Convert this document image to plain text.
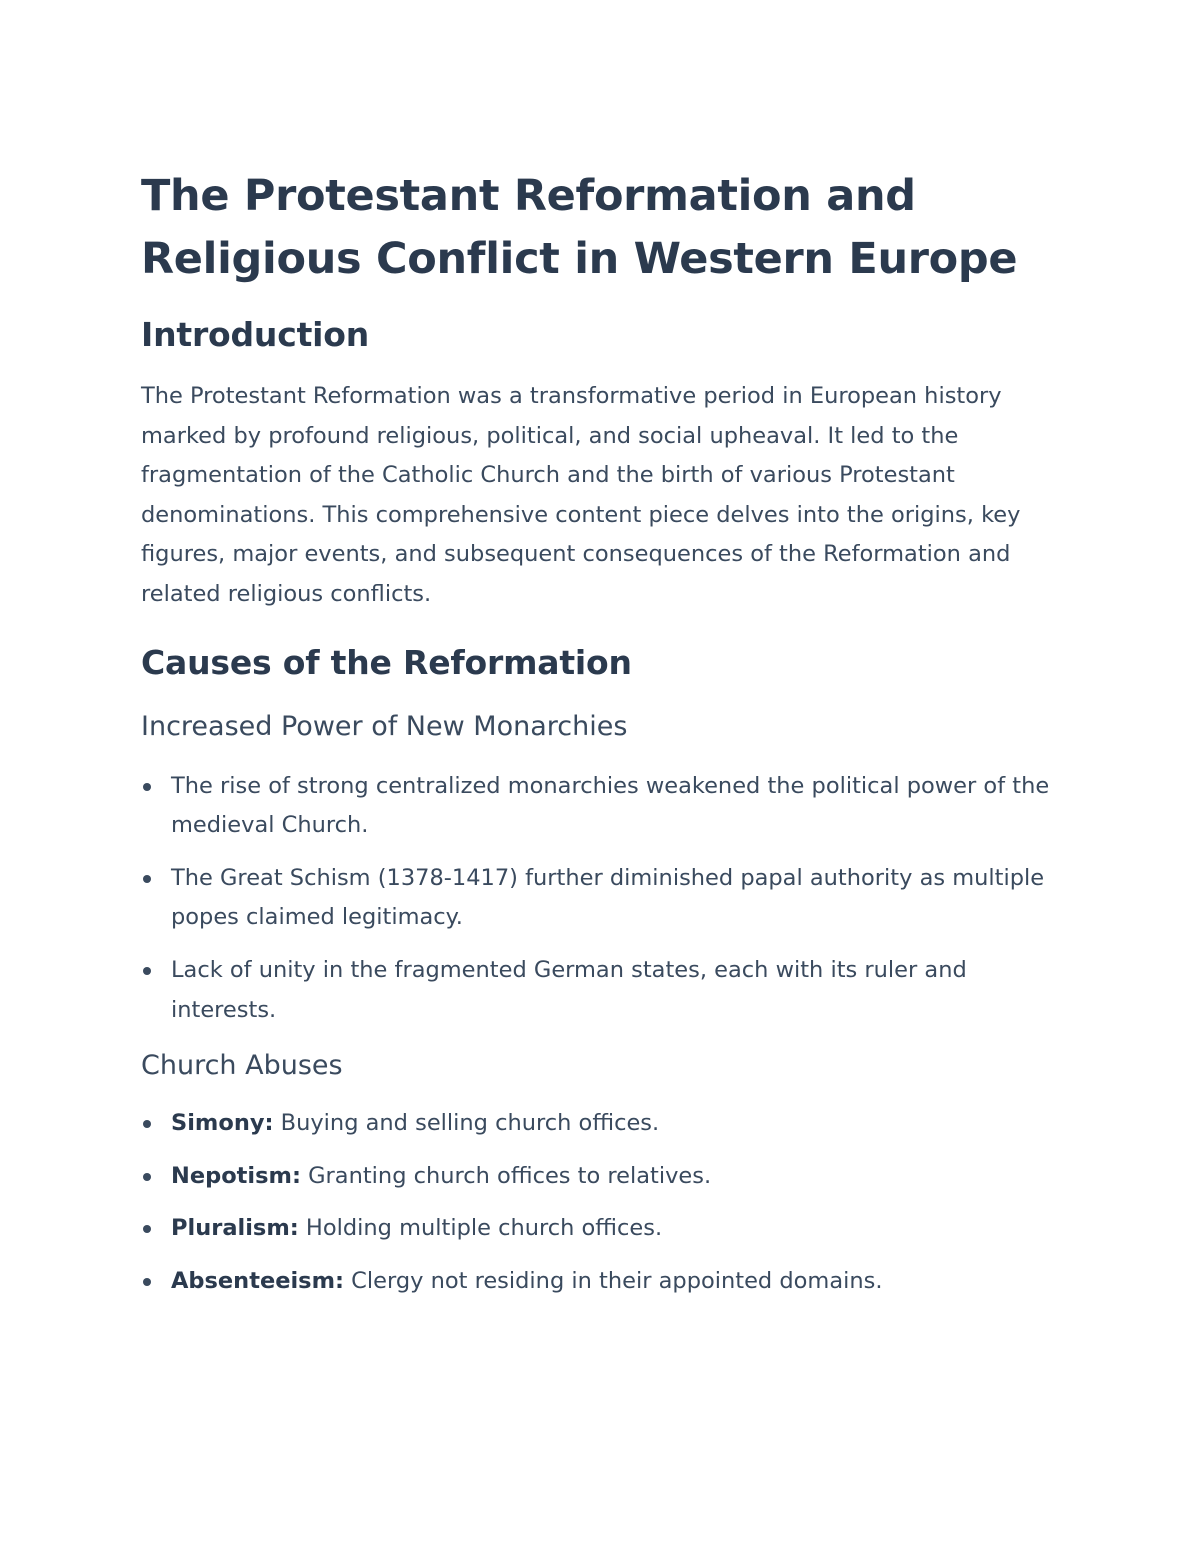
The Protestant Reformation and Religious Conflict in Western Europe
Introduction

The Protestant Reformation was a transformative period in European history marked by profound religious, political, and social upheaval. It led to the fragmentation of the Catholic Church and the birth of various Protestant denominations. This comprehensive content piece delves into the origins, key figures, major events, and subsequent consequences of the Reformation and related religious conflicts.

Causes of the Reformation
Increased Power of New Monarchies
The rise of strong centralized monarchies weakened the political power of the medieval Church.
The Great Schism (1378-1417) further diminished papal authority as multiple popes claimed legitimacy.
Lack of unity in the fragmented German states, each with its ruler and interests.
Church Abuses
Simony: Buying and selling church offices.
Nepotism: Granting church offices to relatives.
Pluralism: Holding multiple church offices.
Absenteeism: Clergy not residing in their appointed domains.
